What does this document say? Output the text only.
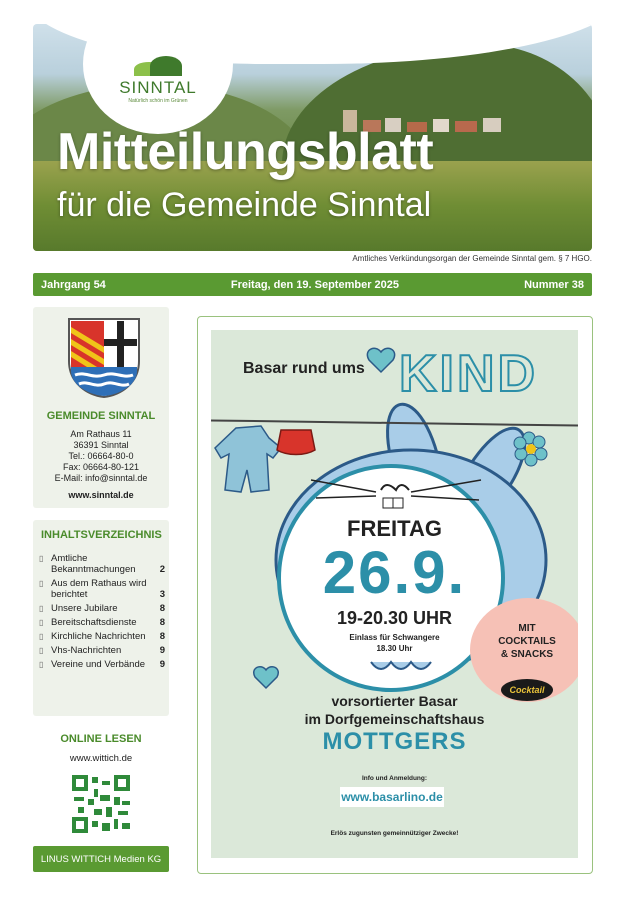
SINNTAL
Natürlich schön im Grünen
Mitteilungsblatt
für die Gemeinde Sinntal
Amtliches Verkündungsorgan der Gemeinde Sinntal gem. § 7 HGO.
Jahrgang 54	Freitag, den 19. September 2025	Nummer 38
GEMEINDE SINNTAL
Am Rathaus 11
36391 Sinntal
Tel.: 06664-80-0
Fax: 06664-80-121
E-Mail: info@sinntal.de
www.sinntal.de
INHALTSVERZEICHNIS
▯ Amtliche Bekanntmachungen	2
▯ Aus dem Rathaus wird berichtet	3
▯ Unsere Jubilare	8
▯ Bereitschaftsdienste	8
▯ Kirchliche Nachrichten	8
▯ Vhs-Nachrichten	9
▯ Vereine und Verbände	9
ONLINE LESEN
www.wittich.de
LINUS WITTICH Medien KG
Basar rund ums KIND
FREITAG
26.9.
19-20.30 UHR
Einlass für Schwangere
18.30 Uhr
MIT
COCKTAILS
& SNACKS
Cocktail
vorsortierter Basar
im Dorfgemeinschaftshaus
MOTTGERS
Info und Anmeldung:
www.basarlino.de
Erlös zugunsten gemeinnütziger Zwecke!
